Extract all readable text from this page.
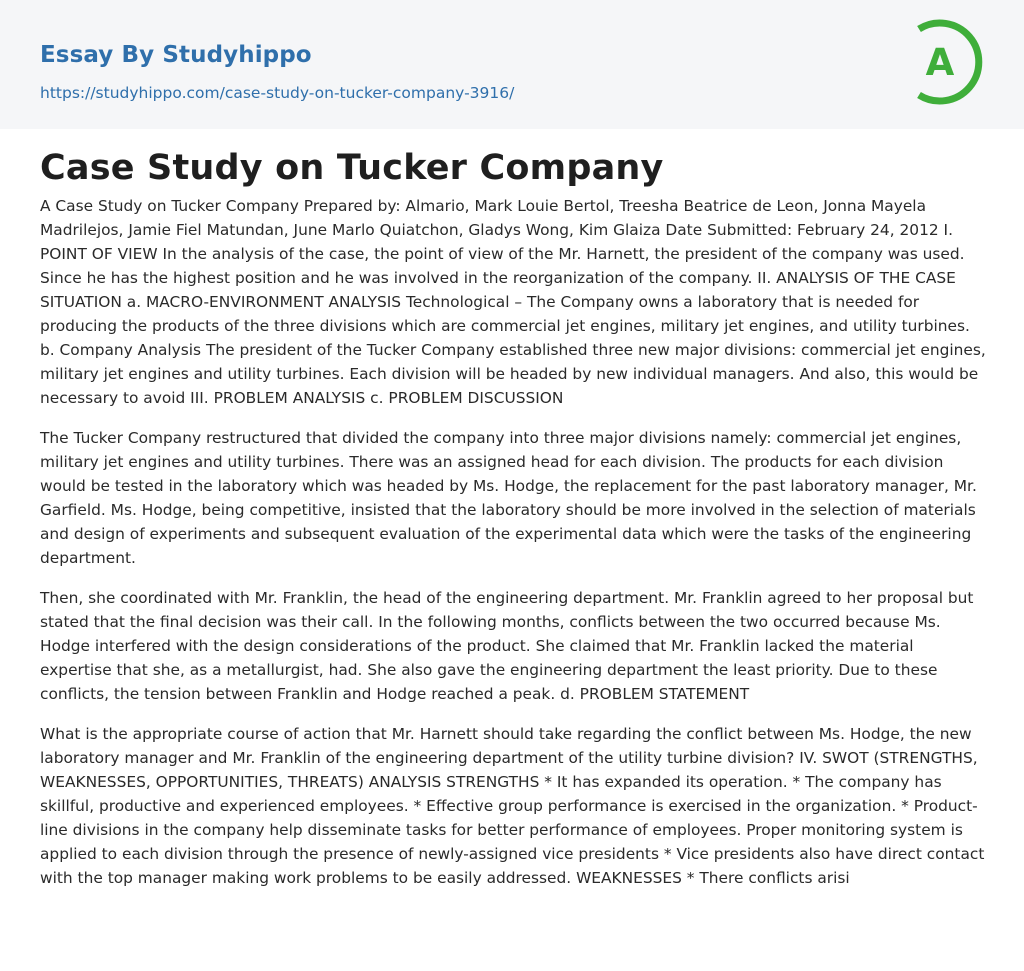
Essay By Studyhippo
https://studyhippo.com/case-study-on-tucker-company-3916/
A
Case Study on Tucker Company

A Case Study on Tucker Company Prepared by: Almario, Mark Louie Bertol, Treesha Beatrice de Leon, Jonna Mayela Madrilejos, Jamie Fiel Matundan, June Marlo Quiatchon, Gladys Wong, Kim Glaiza Date Submitted: February 24, 2012 I. POINT OF VIEW In the analysis of the case, the point of view of the Mr. Harnett, the president of the company was used. Since he has the highest position and he was involved in the reorganization of the company. II. ANALYSIS OF THE CASE SITUATION a. MACRO-ENVIRONMENT ANALYSIS Technological – The Company owns a laboratory that is needed for producing the products of the three divisions which are commercial jet engines, military jet engines, and utility turbines. b. Company Analysis The president of the Tucker Company established three new major divisions: commercial jet engines, military jet engines and utility turbines. Each division will be headed by new individual managers. And also, this would be necessary to avoid III. PROBLEM ANALYSIS c. PROBLEM DISCUSSION

The Tucker Company restructured that divided the company into three major divisions namely: commercial jet engines, military jet engines and utility turbines. There was an assigned head for each division. The products for each division would be tested in the laboratory which was headed by Ms. Hodge, the replacement for the past laboratory manager, Mr. Garfield. Ms. Hodge, being competitive, insisted that the laboratory should be more involved in the selection of materials and design of experiments and subsequent evaluation of the experimental data which were the tasks of the engineering department.

Then, she coordinated with Mr. Franklin, the head of the engineering department. Mr. Franklin agreed to her proposal but stated that the final decision was their call. In the following months, conflicts between the two occurred because Ms. Hodge interfered with the design considerations of the product. She claimed that Mr. Franklin lacked the material expertise that she, as a metallurgist, had. She also gave the engineering department the least priority. Due to these conflicts, the tension between Franklin and Hodge reached a peak. d. PROBLEM STATEMENT

What is the appropriate course of action that Mr. Harnett should take regarding the conflict between Ms. Hodge, the new laboratory manager and Mr. Franklin of the engineering department of the utility turbine division? IV. SWOT (STRENGTHS, WEAKNESSES, OPPORTUNITIES, THREATS) ANALYSIS STRENGTHS * It has expanded its operation. * The company has skillful, productive and experienced employees. * Effective group performance is exercised in the organization. * Product-line divisions in the company help disseminate tasks for better performance of employees. Proper monitoring system is applied to each division through the presence of newly-assigned vice presidents * Vice presidents also have direct contact with the top manager making work problems to be easily addressed. WEAKNESSES * There conflicts arisi
